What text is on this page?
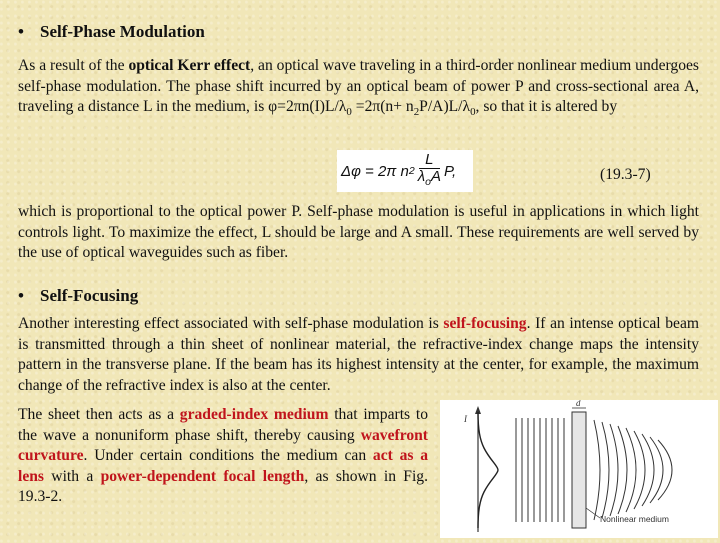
• Self-Phase Modulation
As a result of the optical Kerr effect, an optical wave traveling in a third-order nonlinear medium undergoes self-phase modulation. The phase shift incurred by an optical beam of power P and cross-sectional area A, traveling a distance L in the medium, is $\varphi=2\pi n(I)L/\lambda_0 =2\pi(n+ n_2P/A)L/\lambda_0$, so that it is altered by
Δφ = 2π n $2 \frac{L}{\lambda_oA} P$,	(19.3-7)
which is proportional to the optical power P. Self-phase modulation is useful in applications in which light controls light. To maximize the effect, L should be large and A small. These requirements are well served by the use of optical waveguides such as fiber.
• Self-Focusing
Another interesting effect associated with self-phase modulation is self-focusing. If an intense optical beam is transmitted through a thin sheet of nonlinear material, the refractive-index change maps the intensity pattern in the transverse plane. If the beam has its highest intensity at the center, for example, the maximum change of the refractive index is also at the center.
The sheet then acts as a graded-index medium that imparts to the wave a nonuniform phase shift, thereby causing wavefront curvature. Under certain conditions the medium can act as a lens with a power-dependent focal length, as shown in Fig. 19.3-2.
I
d
Nonlinear medium
